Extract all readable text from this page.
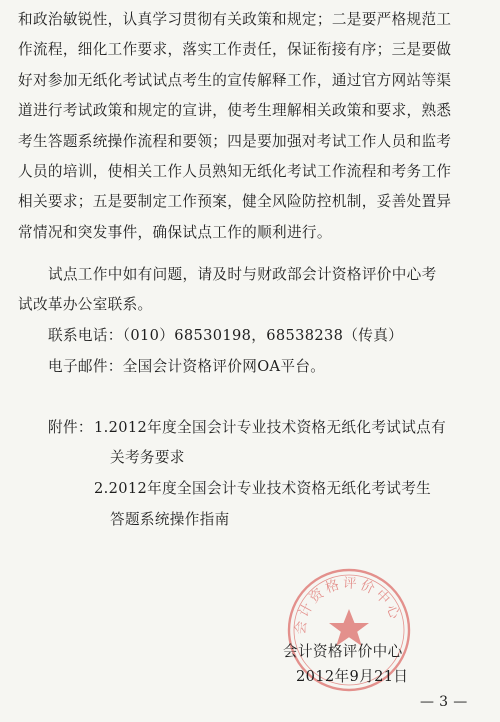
和政治敏锐性，认真学习贯彻有关政策和规定；二是要严格规范工
作流程，细化工作要求，落实工作责任，保证衔接有序；三是要做
好对参加无纸化考试试点考生的宣传解释工作，通过官方网站等渠
道进行考试政策和规定的宣讲，使考生理解相关政策和要求，熟悉
考生答题系统操作流程和要领；四是要加强对考试工作人员和监考
人员的培训，使相关工作人员熟知无纸化考试工作流程和考务工作
相关要求；五是要制定工作预案，健全风险防控机制，妥善处置异
常情况和突发事件，确保试点工作的顺利进行。
试点工作中如有问题，请及时与财政部会计资格评价中心考
试改革办公室联系。
联系电话：（010）68530198，68538238（传真）
电子邮件：全国会计资格评价网OA平台。
附件： 1.2012年度全国会计专业技术资格无纸化考试试点有
关考务要求
2.2012年度全国会计专业技术资格无纸化考试考生
答题系统操作指南
会计资格评价中心
会计资格评价中心
2012年9月21日
— 3 —
